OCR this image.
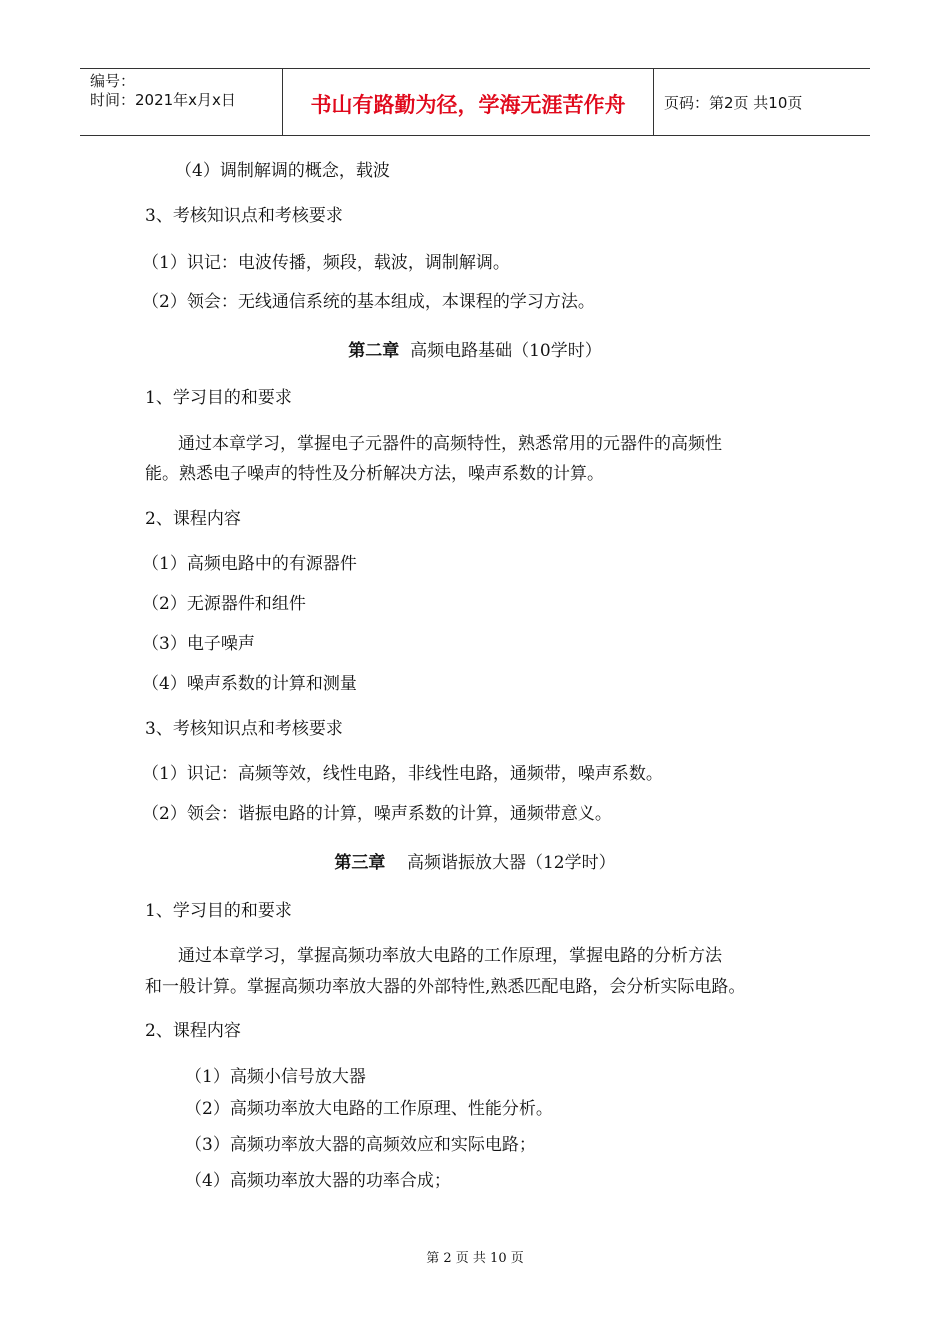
编号：
时间：2021年x月x日	书山有路勤为径，学海无涯苦作舟	页码：第2页 共10页
（4）调制解调的概念，载波
3、考核知识点和考核要求
（1）识记：电波传播，频段，载波，调制解调。
（2）领会：无线通信系统的基本组成，本课程的学习方法。
第二章 高频电路基础（10学时）
1、学习目的和要求
通过本章学习，掌握电子元器件的高频特性，熟悉常用的元器件的高频性
能。熟悉电子噪声的特性及分析解决方法，噪声系数的计算。
2、课程内容
（1）高频电路中的有源器件
（2）无源器件和组件
（3）电子噪声
（4）噪声系数的计算和测量
3、考核知识点和考核要求
（1）识记：高频等效，线性电路，非线性电路，通频带，噪声系数。
（2）领会：谐振电路的计算，噪声系数的计算，通频带意义。
第三章 高频谐振放大器（12学时）
1、学习目的和要求
通过本章学习，掌握高频功率放大电路的工作原理，掌握电路的分析方法
和一般计算。掌握高频功率放大器的外部特性,熟悉匹配电路，会分析实际电路。
2、课程内容
（1）高频小信号放大器
（2）高频功率放大电路的工作原理、性能分析。
（3）高频功率放大器的高频效应和实际电路；
（4）高频功率放大器的功率合成；
第 2 页 共 10 页
